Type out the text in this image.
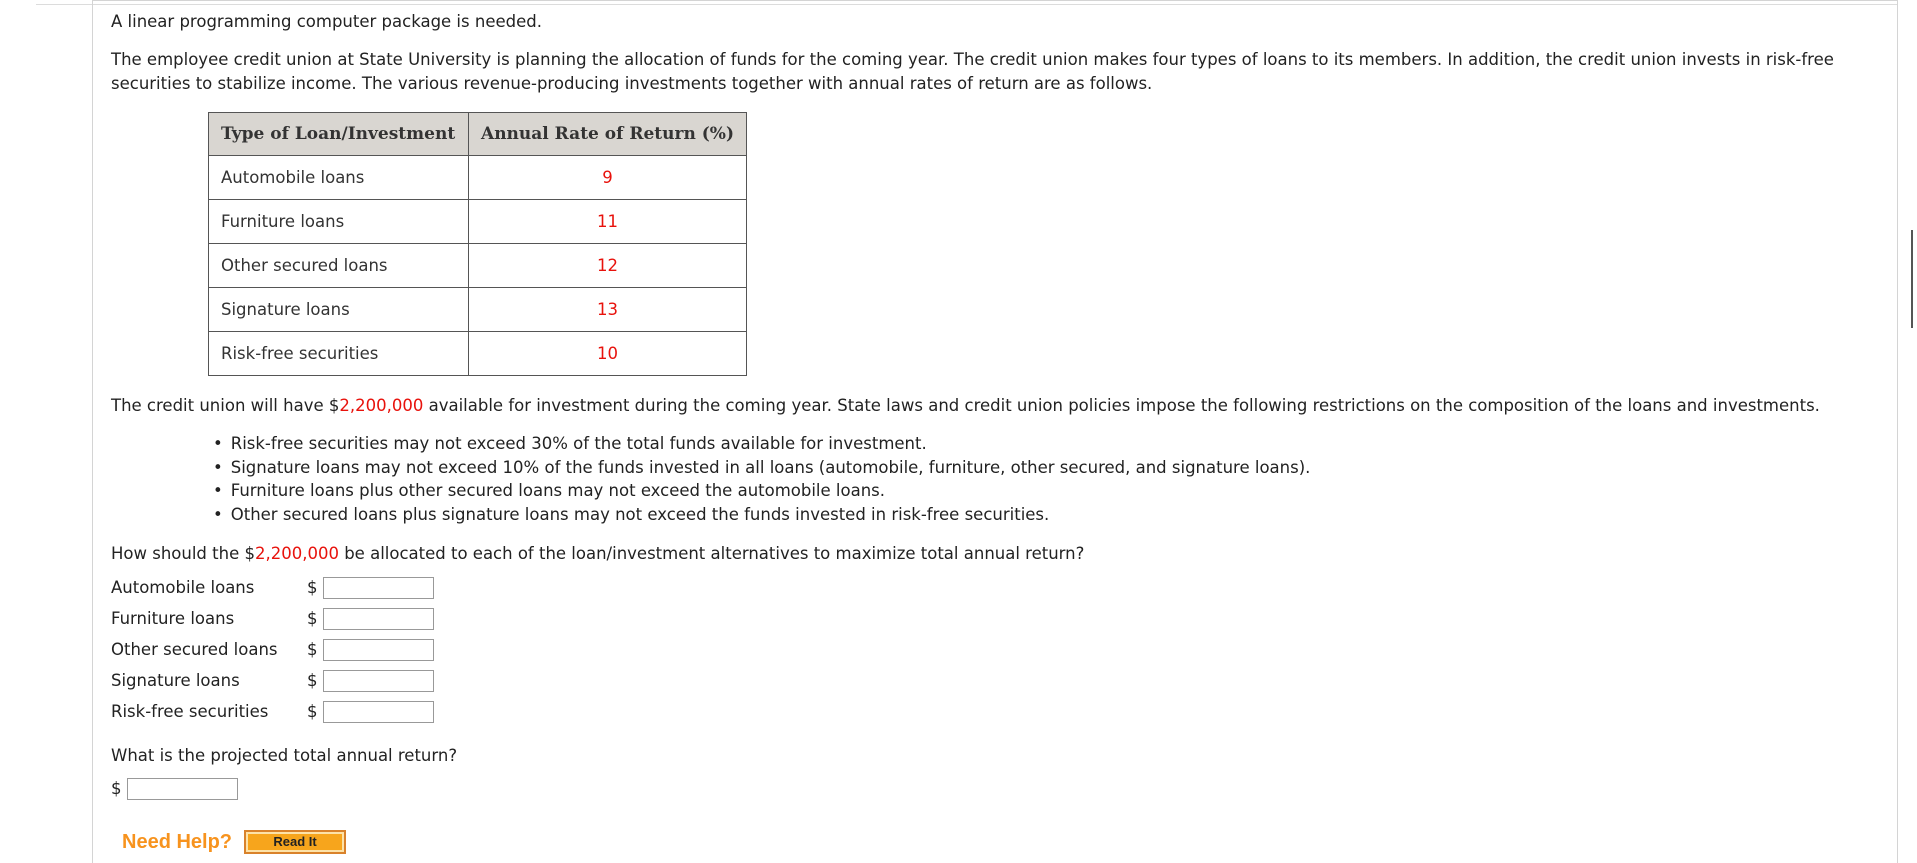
A linear programming computer package is needed.

The employee credit union at State University is planning the allocation of funds for the coming year. The credit union makes four types of loans to its members. In addition, the credit union invests in risk-free securities to stabilize income. The various revenue-producing investments together with annual rates of return are as follows.

Type of Loan/Investment	Annual Rate of Return (%)
Automobile loans	9
Furniture loans	11
Other secured loans	12
Signature loans	13
Risk-free securities	10

The credit union will have $2,200,000 available for investment during the coming year. State laws and credit union policies impose the following restrictions on the composition of the loans and investments.

• Risk-free securities may not exceed 30% of the total funds available for investment.
• Signature loans may not exceed 10% of the funds invested in all loans (automobile, furniture, other secured, and signature loans).
• Furniture loans plus other secured loans may not exceed the automobile loans.
• Other secured loans plus signature loans may not exceed the funds invested in risk-free securities.

How should the $2,200,000 be allocated to each of the loan/investment alternatives to maximize total annual return?

Automobile loans	$
Furniture loans	$
Other secured loans	$
Signature loans	$
Risk-free securities	$

What is the projected total annual return?

$
Need Help?	Read It
